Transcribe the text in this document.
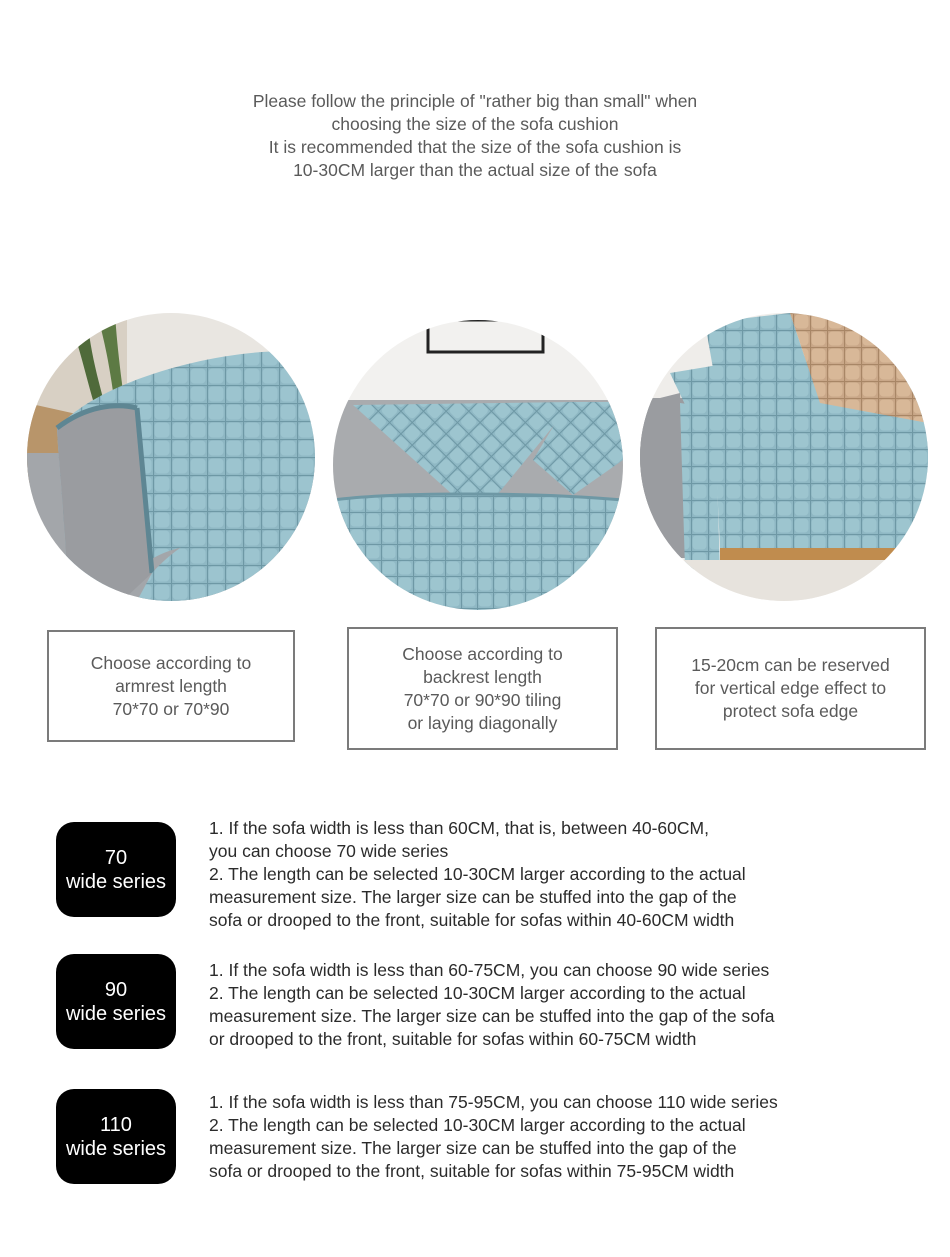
Please follow the principle of "rather big than small" when
choosing the size of the sofa cushion
It is recommended that the size of the sofa cushion is
10-30CM larger than the actual size of the sofa
Choose according to
armrest length
70*70 or 70*90
Choose according to
backrest length
70*70 or 90*90 tiling
or laying diagonally
15-20cm can be reserved
for vertical edge effect to
protect sofa edge
70
wide series
1. If the sofa width is less than 60CM, that is, between 40-60CM,
you can choose 70 wide series
2. The length can be selected 10-30CM larger according to the actual
measurement size. The larger size can be stuffed into the gap of the
sofa or drooped to the front, suitable for sofas within 40-60CM width
90
wide series
1. If the sofa width is less than 60-75CM, you can choose 90 wide series
2. The length can be selected 10-30CM larger according to the actual
measurement size. The larger size can be stuffed into the gap of the sofa
or drooped to the front, suitable for sofas within 60-75CM width
110
wide series
1. If the sofa width is less than 75-95CM, you can choose 110 wide series
2. The length can be selected 10-30CM larger according to the actual
measurement size. The larger size can be stuffed into the gap of the
sofa or drooped to the front, suitable for sofas within 75-95CM width
